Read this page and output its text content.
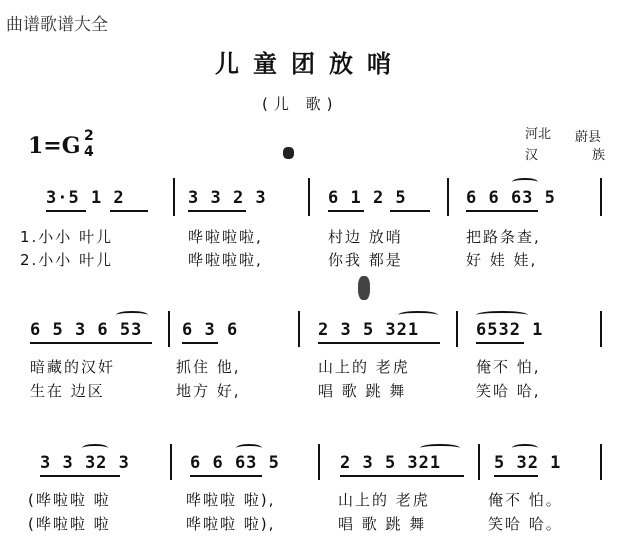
曲谱歌谱大全
儿童团放哨
(儿 歌)
1=G 2
4
河北 蔚县
汉	族
3·5 1 2	3 3 2 3	6 1 2 5	6 6 63 5
1.小小 叶儿	哗啦啦啦,	村边 放哨	把路条查,
2.小小 叶儿	哗啦啦啦,	你我 都是	好 娃 娃,
6 5 3 6 53 6 3 6	2 3 5 321	6532 1
暗藏的汉奸	抓住 他,	山上的 老虎	俺不 怕,
生在 边区	地方 好,	唱 歌 跳 舞	笑哈 哈,
3 3 32 3	6 6 63 5	2 3 5 321	5 32 1
(哗啦啦 啦	哗啦啦 啦),	山上的 老虎	俺不 怕。
(哗啦啦 啦	哗啦啦 啦),	唱 歌 跳 舞	笑哈 哈。
